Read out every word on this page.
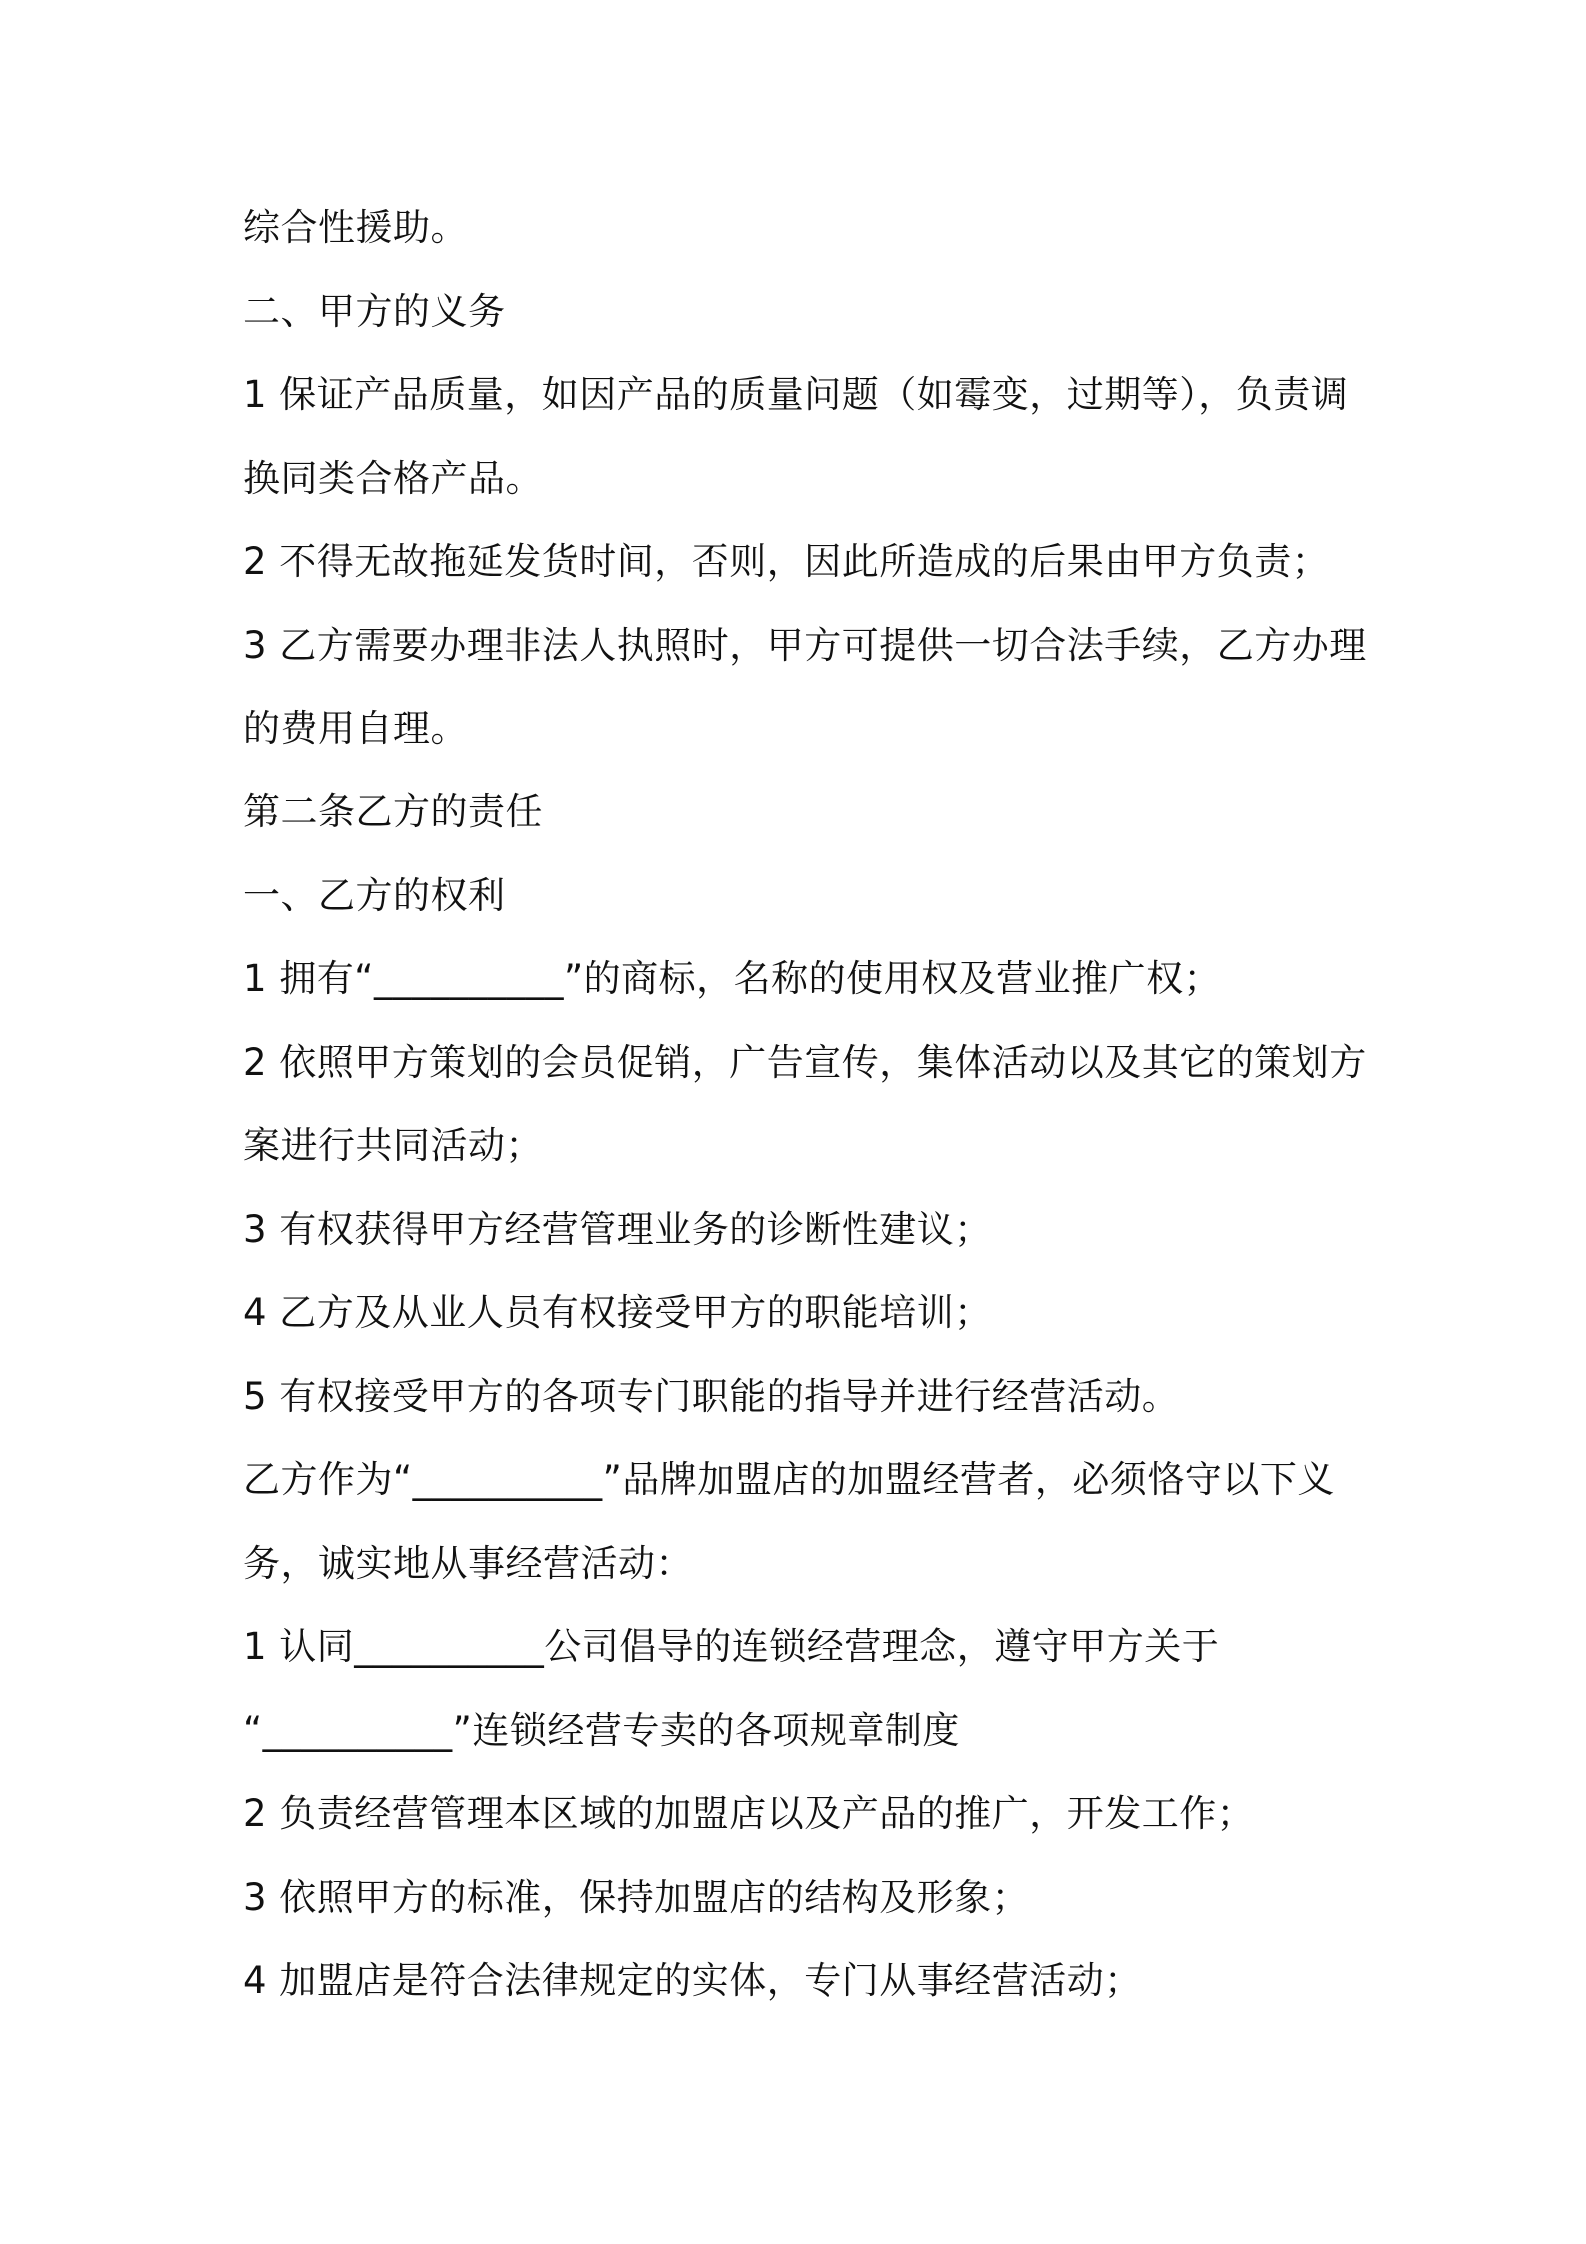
综合性援助。
二、甲方的义务
1 保证产品质量，如因产品的质量问题（如霉变，过期等），负责调
换同类合格产品。
2 不得无故拖延发货时间，否则，因此所造成的后果由甲方负责；
3 乙方需要办理非法人执照时，甲方可提供一切合法手续，乙方办理
的费用自理。
第二条乙方的责任
一、乙方的权利
1 拥有“__________”的商标，名称的使用权及营业推广权；
2 依照甲方策划的会员促销，广告宣传，集体活动以及其它的策划方
案进行共同活动；
3 有权获得甲方经营管理业务的诊断性建议；
4 乙方及从业人员有权接受甲方的职能培训；
5 有权接受甲方的各项专门职能的指导并进行经营活动。
乙方作为“__________”品牌加盟店的加盟经营者，必须恪守以下义
务，诚实地从事经营活动：
1 认同__________公司倡导的连锁经营理念，遵守甲方关于
“__________”连锁经营专卖的各项规章制度
2 负责经营管理本区域的加盟店以及产品的推广，开发工作；
3 依照甲方的标准，保持加盟店的结构及形象；
4 加盟店是符合法律规定的实体，专门从事经营活动；
